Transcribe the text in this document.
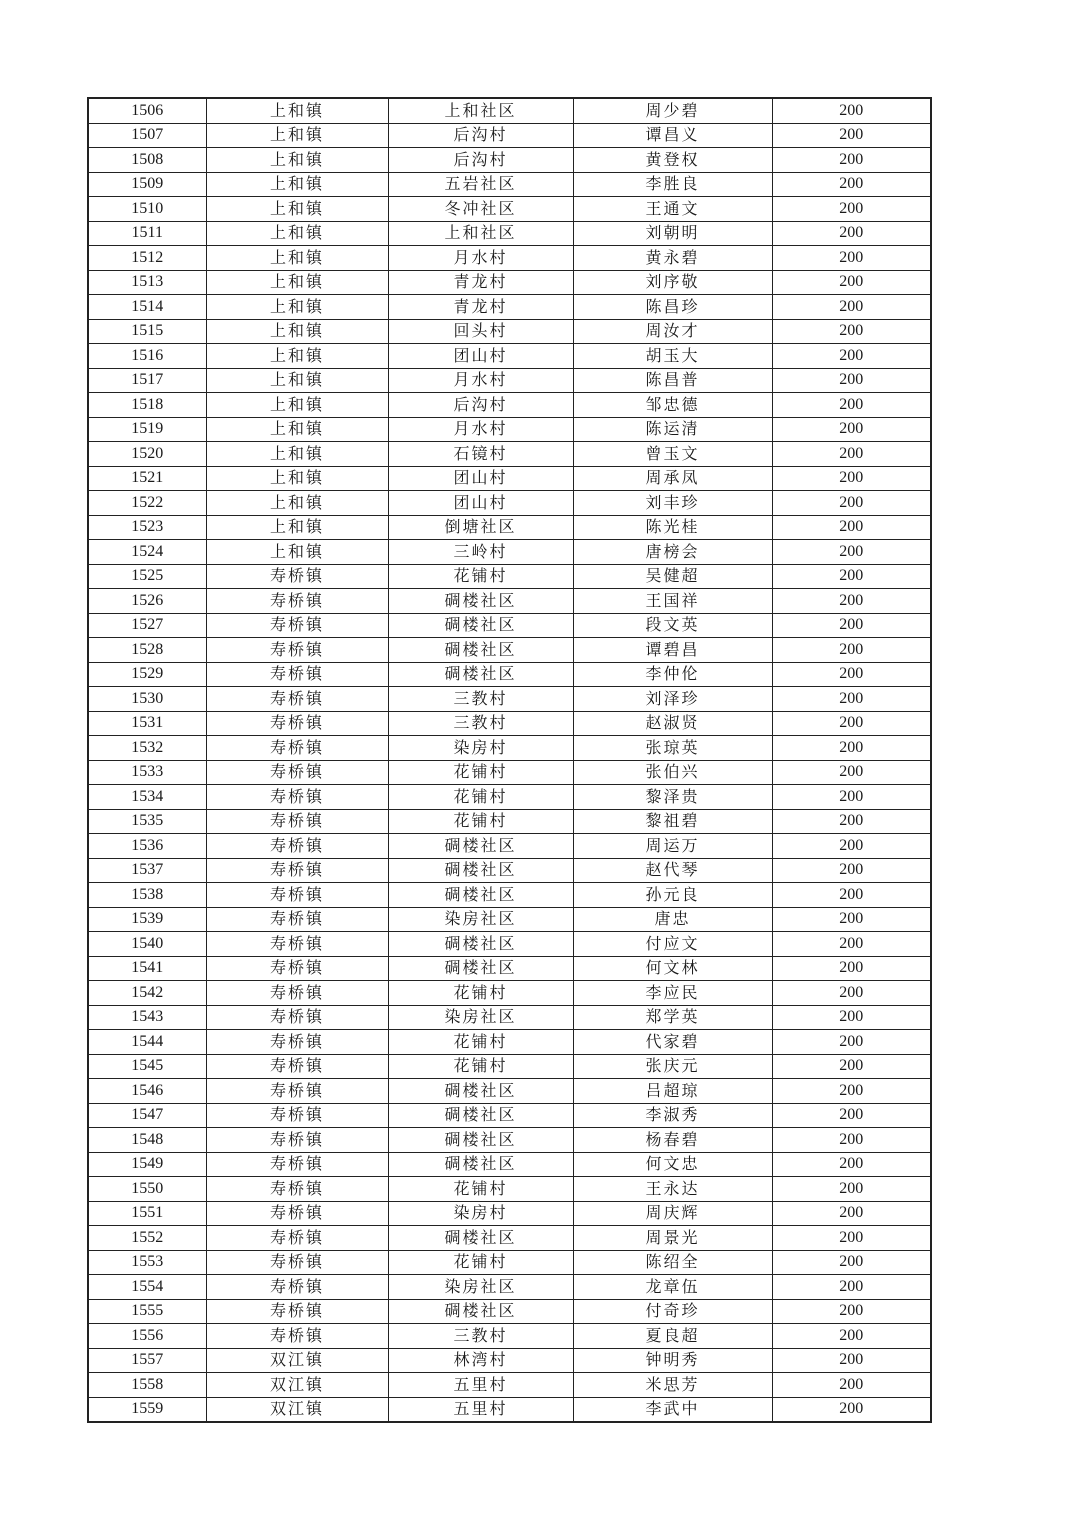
1506	上和镇	上和社区	周少碧	200
1507	上和镇	后沟村	谭昌义	200
1508	上和镇	后沟村	黄登权	200
1509	上和镇	五岩社区	李胜良	200
1510	上和镇	冬冲社区	王通文	200
1511	上和镇	上和社区	刘朝明	200
1512	上和镇	月水村	黄永碧	200
1513	上和镇	青龙村	刘序敬	200
1514	上和镇	青龙村	陈昌珍	200
1515	上和镇	回头村	周汝才	200
1516	上和镇	团山村	胡玉大	200
1517	上和镇	月水村	陈昌普	200
1518	上和镇	后沟村	邹忠德	200
1519	上和镇	月水村	陈运清	200
1520	上和镇	石镜村	曾玉文	200
1521	上和镇	团山村	周承凤	200
1522	上和镇	团山村	刘丰珍	200
1523	上和镇	倒塘社区	陈光桂	200
1524	上和镇	三岭村	唐榜会	200
1525	寿桥镇	花铺村	吴健超	200
1526	寿桥镇	碉楼社区	王国祥	200
1527	寿桥镇	碉楼社区	段文英	200
1528	寿桥镇	碉楼社区	谭碧昌	200
1529	寿桥镇	碉楼社区	李仲伦	200
1530	寿桥镇	三教村	刘泽珍	200
1531	寿桥镇	三教村	赵淑贤	200
1532	寿桥镇	染房村	张琼英	200
1533	寿桥镇	花铺村	张伯兴	200
1534	寿桥镇	花铺村	黎泽贵	200
1535	寿桥镇	花铺村	黎祖碧	200
1536	寿桥镇	碉楼社区	周运万	200
1537	寿桥镇	碉楼社区	赵代琴	200
1538	寿桥镇	碉楼社区	孙元良	200
1539	寿桥镇	染房社区	唐忠	200
1540	寿桥镇	碉楼社区	付应文	200
1541	寿桥镇	碉楼社区	何文林	200
1542	寿桥镇	花铺村	李应民	200
1543	寿桥镇	染房社区	郑学英	200
1544	寿桥镇	花铺村	代家碧	200
1545	寿桥镇	花铺村	张庆元	200
1546	寿桥镇	碉楼社区	吕超琼	200
1547	寿桥镇	碉楼社区	李淑秀	200
1548	寿桥镇	碉楼社区	杨春碧	200
1549	寿桥镇	碉楼社区	何文忠	200
1550	寿桥镇	花铺村	王永达	200
1551	寿桥镇	染房村	周庆辉	200
1552	寿桥镇	碉楼社区	周景光	200
1553	寿桥镇	花铺村	陈绍全	200
1554	寿桥镇	染房社区	龙章伍	200
1555	寿桥镇	碉楼社区	付奇珍	200
1556	寿桥镇	三教村	夏良超	200
1557	双江镇	林湾村	钟明秀	200
1558	双江镇	五里村	米思芳	200
1559	双江镇	五里村	李武中	200
